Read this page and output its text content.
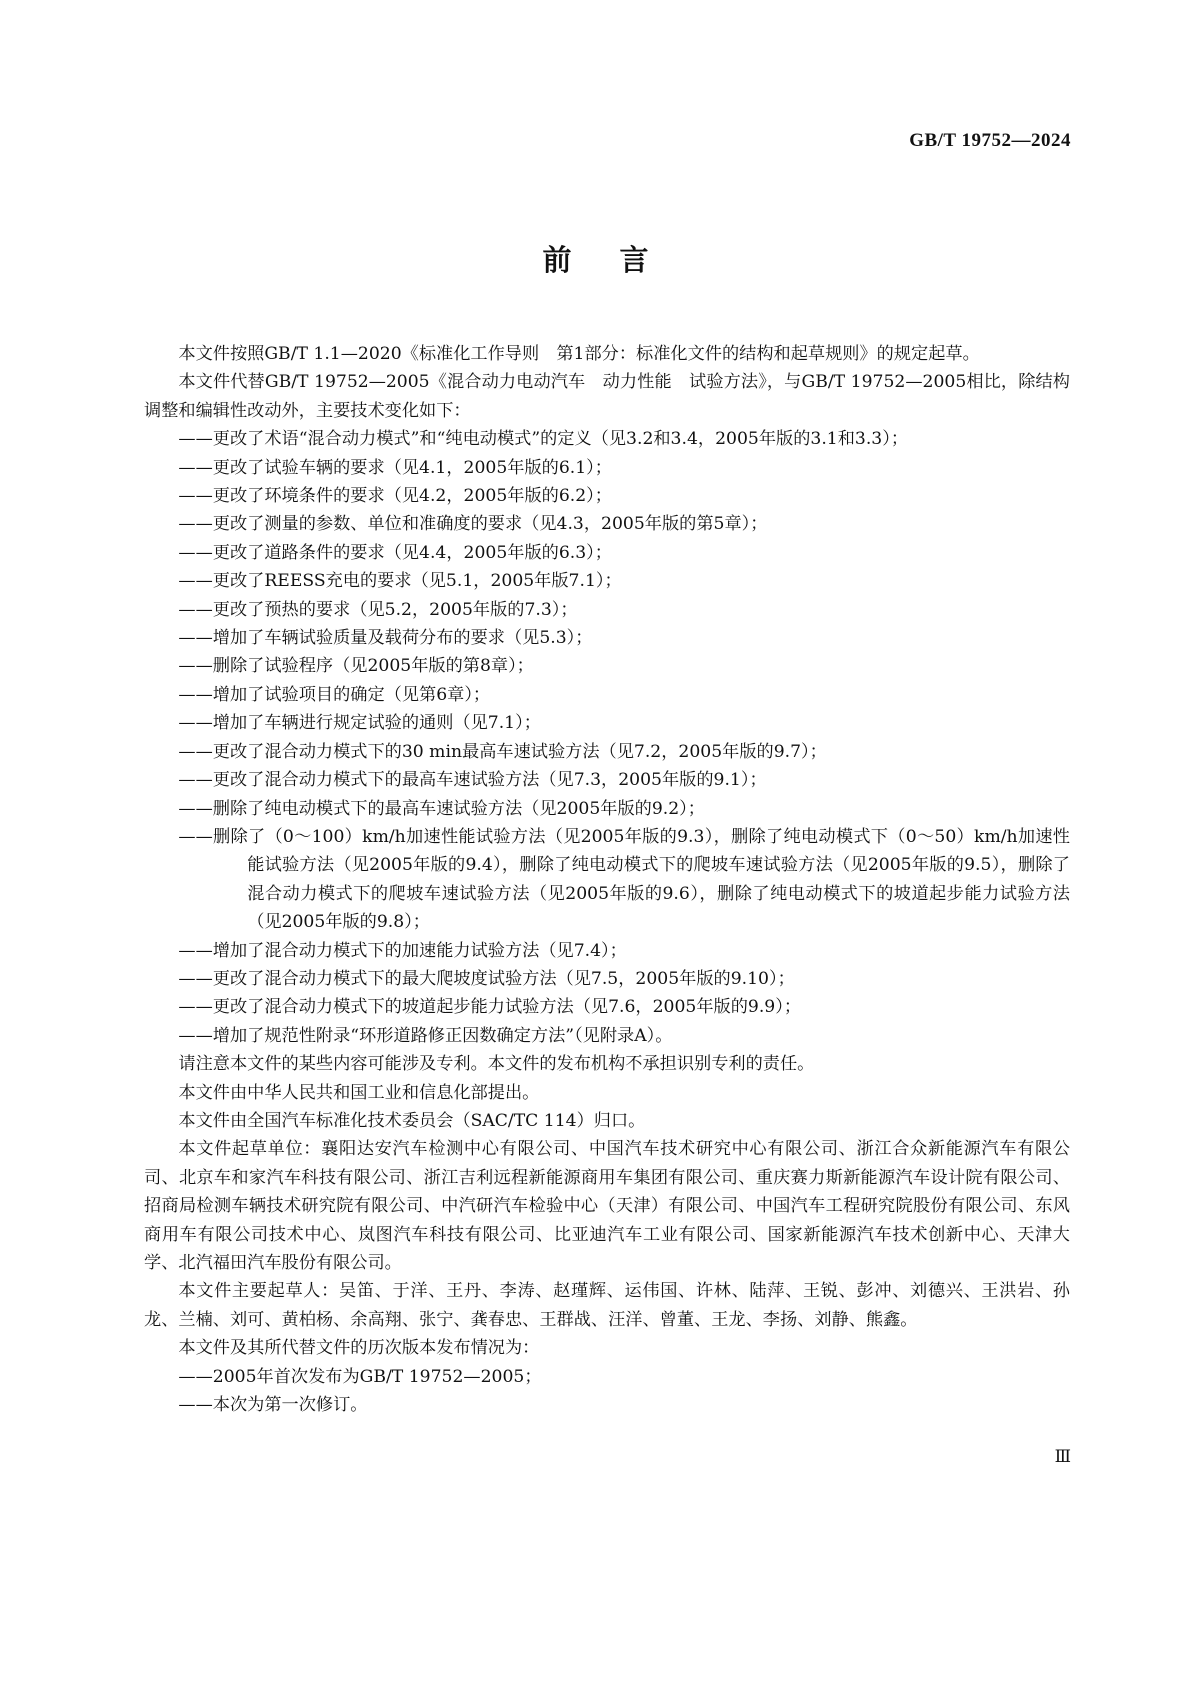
GB/T 19752—2024
前言

本文件按照GB/T 1.1—2020《标准化工作导则　第1部分：标准化文件的结构和起草规则》的规定起草。

本文件代替GB/T 19752—2005《混合动力电动汽车　动力性能　试验方法》，与GB/T 19752—2005相比，除结构调整和编辑性改动外，主要技术变化如下：

——更改了术语“混合动力模式”和“纯电动模式”的定义（见3.2和3.4，2005年版的3.1和3.3）；

——更改了试验车辆的要求（见4.1，2005年版的6.1）；

——更改了环境条件的要求（见4.2，2005年版的6.2）；

——更改了测量的参数、单位和准确度的要求（见4.3，2005年版的第5章）；

——更改了道路条件的要求（见4.4，2005年版的6.3）；

——更改了REESS充电的要求（见5.1，2005年版7.1）；

——更改了预热的要求（见5.2，2005年版的7.3）；

——增加了车辆试验质量及载荷分布的要求（见5.3）；

——删除了试验程序（见2005年版的第8章）；

——增加了试验项目的确定（见第6章）；

——增加了车辆进行规定试验的通则（见7.1）；

——更改了混合动力模式下的30 min最高车速试验方法（见7.2，2005年版的9.7）；

——更改了混合动力模式下的最高车速试验方法（见7.3，2005年版的9.1）；

——删除了纯电动模式下的最高车速试验方法（见2005年版的9.2）；

——删除了（0～100）km/h加速性能试验方法（见2005年版的9.3），删除了纯电动模式下（0～50）km/h加速性能试验方法（见2005年版的9.4），删除了纯电动模式下的爬坡车速试验方法（见2005年版的9.5），删除了混合动力模式下的爬坡车速试验方法（见2005年版的9.6），删除了纯电动模式下的坡道起步能力试验方法（见2005年版的9.8）；

——增加了混合动力模式下的加速能力试验方法（见7.4）；

——更改了混合动力模式下的最大爬坡度试验方法（见7.5，2005年版的9.10）；

——更改了混合动力模式下的坡道起步能力试验方法（见7.6，2005年版的9.9）；

——增加了规范性附录“环形道路修正因数确定方法”（见附录A）。

请注意本文件的某些内容可能涉及专利。本文件的发布机构不承担识别专利的责任。

本文件由中华人民共和国工业和信息化部提出。

本文件由全国汽车标准化技术委员会（SAC/TC 114）归口。

本文件起草单位：襄阳达安汽车检测中心有限公司、中国汽车技术研究中心有限公司、浙江合众新能源汽车有限公司、北京车和家汽车科技有限公司、浙江吉利远程新能源商用车集团有限公司、重庆赛力斯新能源汽车设计院有限公司、招商局检测车辆技术研究院有限公司、中汽研汽车检验中心（天津）有限公司、中国汽车工程研究院股份有限公司、东风商用车有限公司技术中心、岚图汽车科技有限公司、比亚迪汽车工业有限公司、国家新能源汽车技术创新中心、天津大学、北汽福田汽车股份有限公司。

本文件主要起草人：吴笛、于洋、王丹、李涛、赵瑾辉、运伟国、许林、陆萍、王锐、彭冲、刘德兴、王洪岩、孙龙、兰楠、刘可、黄柏杨、余高翔、张宁、龚春忠、王群战、汪洋、曾董、王龙、李扬、刘静、熊鑫。

本文件及其所代替文件的历次版本发布情况为：

——2005年首次发布为GB/T 19752—2005；

——本次为第一次修订。

Ⅲ
